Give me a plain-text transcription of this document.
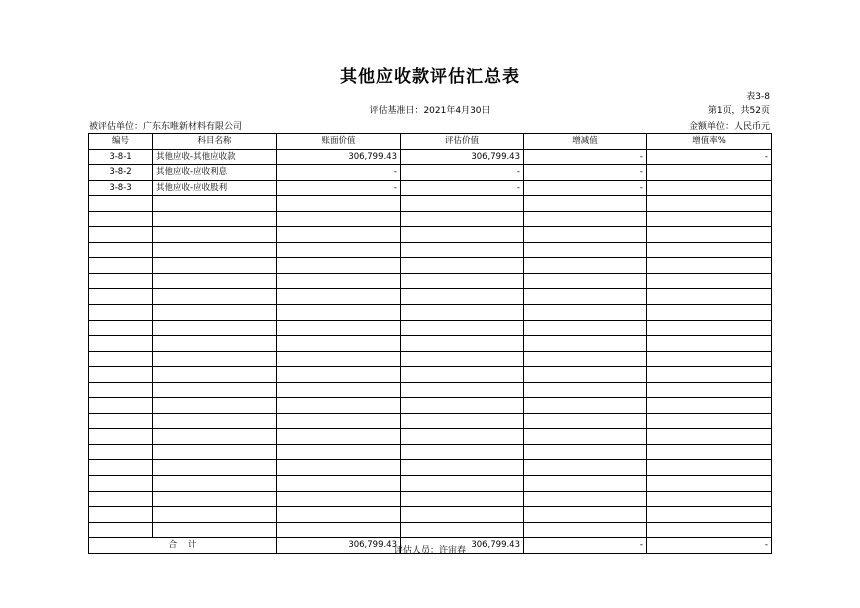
其他应收款评估汇总表
表3-8
评估基准日：2021年4月30日	第1页，共52页
被评估单位：广东东唯新材料有限公司	金额单位：人民币元
编号	科目名称	账面价值	评估价值	增减值	增值率%
3-8-1	其他应收-其他应收款	306,799.43	306,799.43	-	-
3-8-2	其他应收-应收利息	-	-	-	
3-8-3	其他应收-应收股利	-	-	-	

合    计		306,799.43	306,799.43	-	-
评估人员：许宙春
